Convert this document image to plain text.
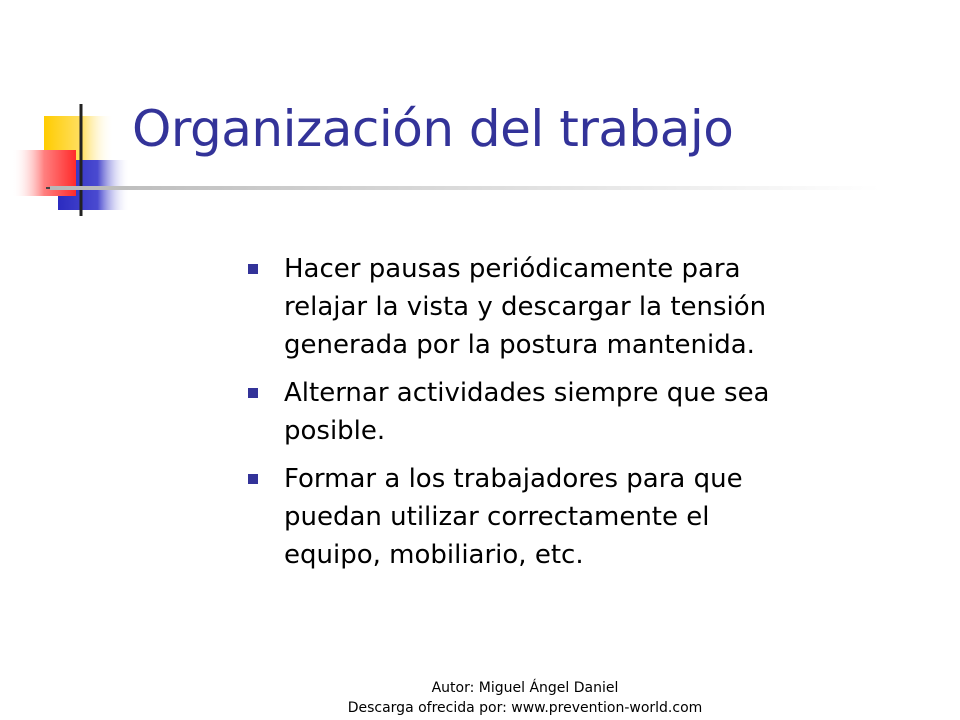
Organización del trabajo
Hacer pausas periódicamente para relajar la vista y descargar la tensión generada por la postura mantenida.
Alternar actividades siempre que sea posible.
Formar a los trabajadores para que puedan utilizar correctamente el equipo, mobiliario, etc.
Autor: Miguel Ángel Daniel
Descarga ofrecida por: www.prevention-world.com
